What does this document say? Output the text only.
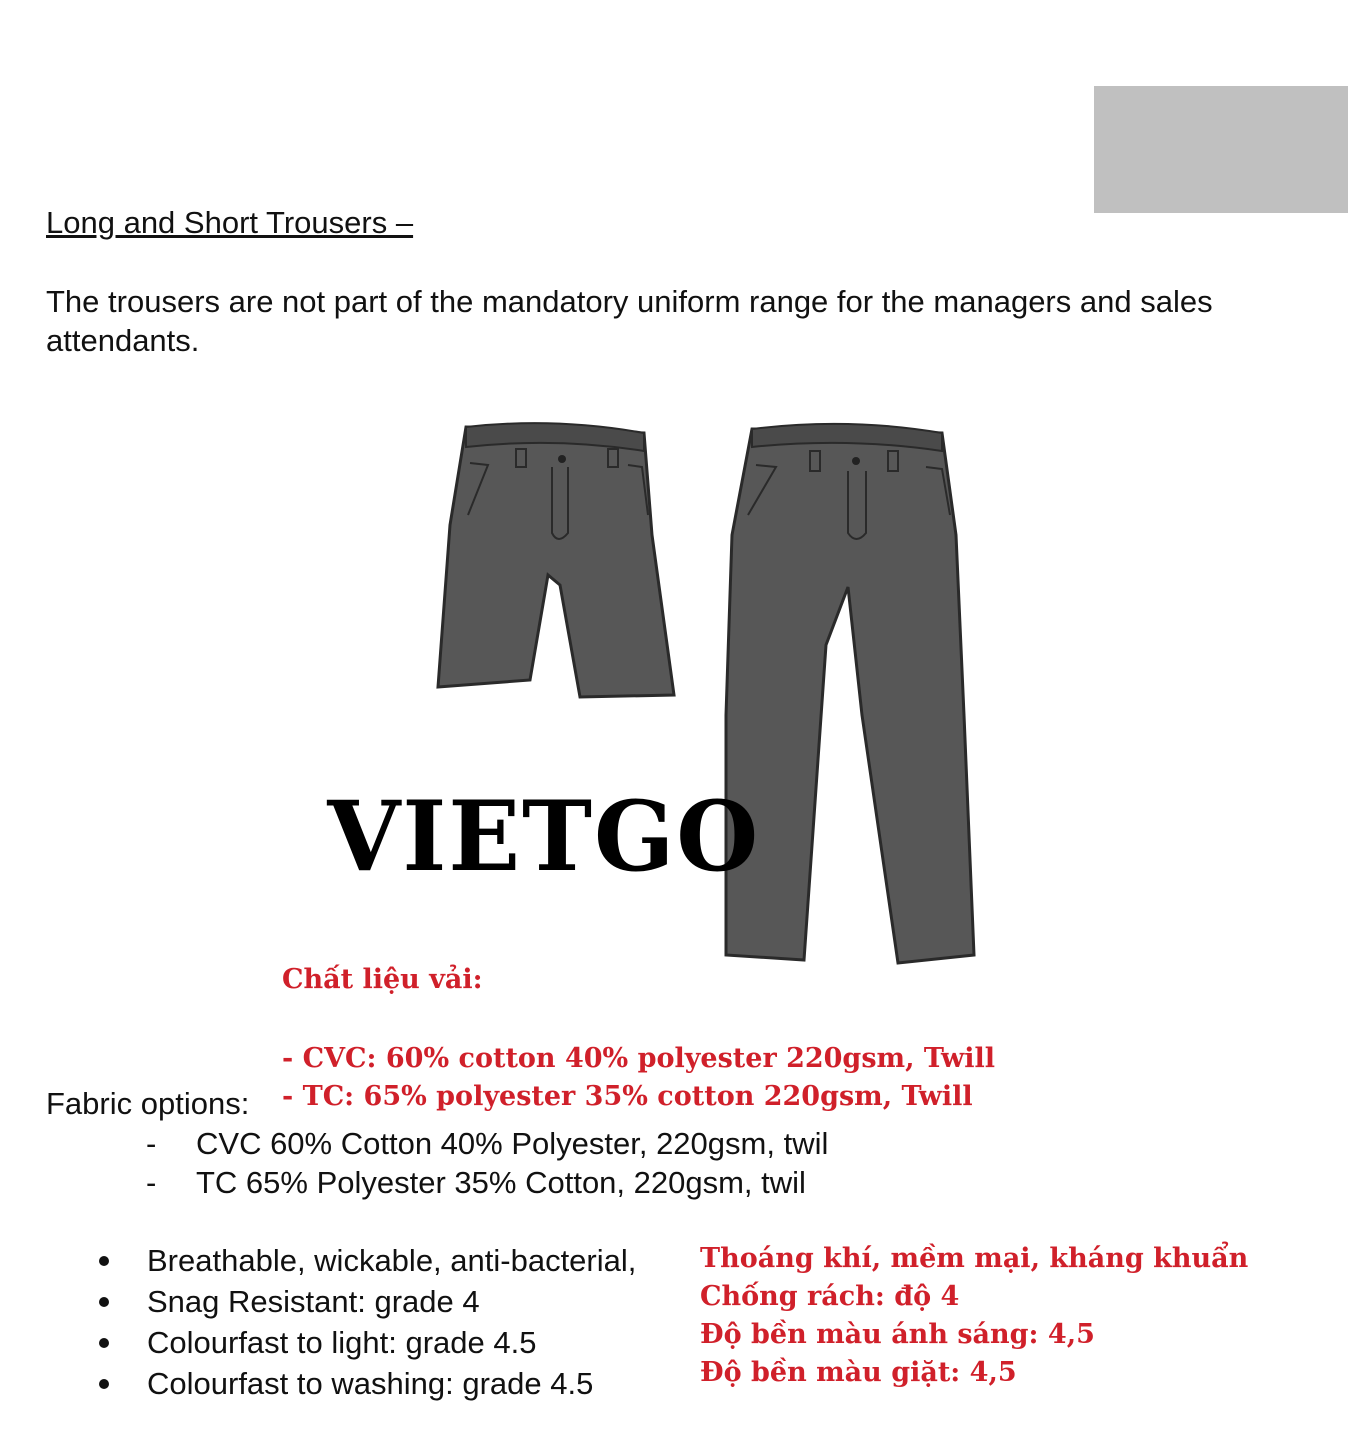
Long and Short Trousers –
The trousers are not part of the mandatory uniform range for the managers and sales attendants.
VIETGO
Chất liệu vải:
- CVC: 60% cotton 40% polyester 220gsm, Twill
- TC: 65% polyester 35% cotton 220gsm, Twill
Fabric options:
- CVC 60% Cotton 40% Polyester, 220gsm, twil
- TC 65% Polyester 35% Cotton, 220gsm, twil
Breathable, wickable, anti-bacterial,
Snag Resistant: grade 4
Colourfast to light: grade 4.5
Colourfast to washing: grade 4.5
Thoáng khí, mềm mại, kháng khuẩn
Chống rách: độ 4
Độ bền màu ánh sáng: 4,5
Độ bền màu giặt: 4,5
